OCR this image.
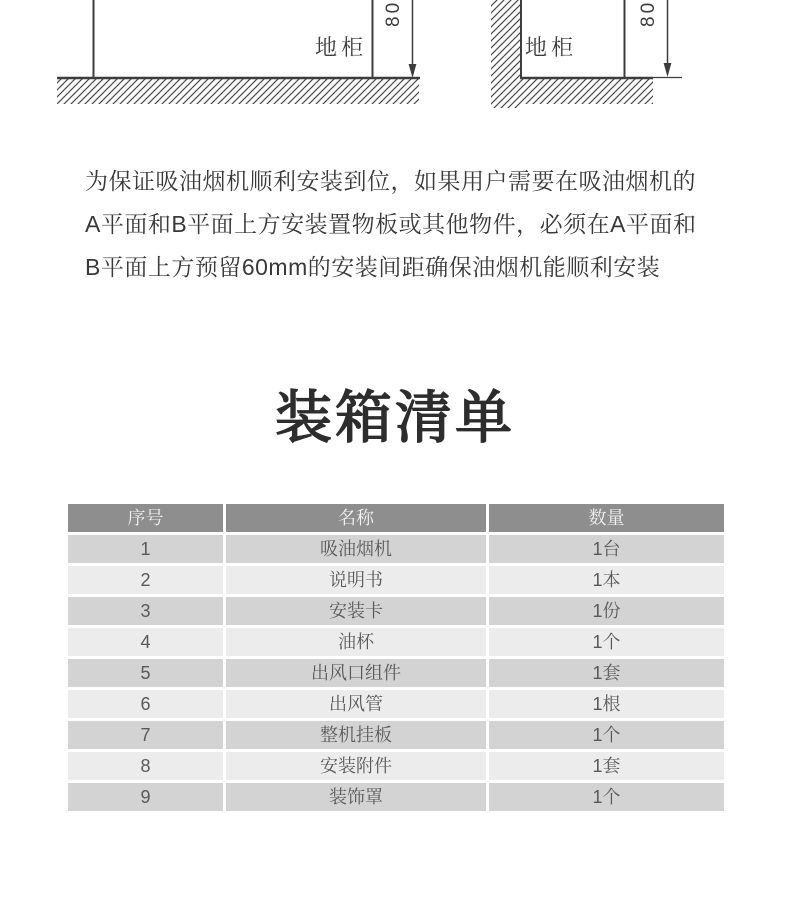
地柜
80
地柜
80
为保证吸油烟机顺利安装到位，如果用户需要在吸油烟机的
A平面和B平面上方安装置物板或其他物件，必须在A平面和
B平面上方预留60mm的安装间距确保油烟机能顺利安装
装箱清单
序号	名称	数量
1	吸油烟机	1台
2	说明书	1本
3	安装卡	1份
4	油杯	1个
5	出风口组件	1套
6	出风管	1根
7	整机挂板	1个
8	安装附件	1套
9	装饰罩	1个
